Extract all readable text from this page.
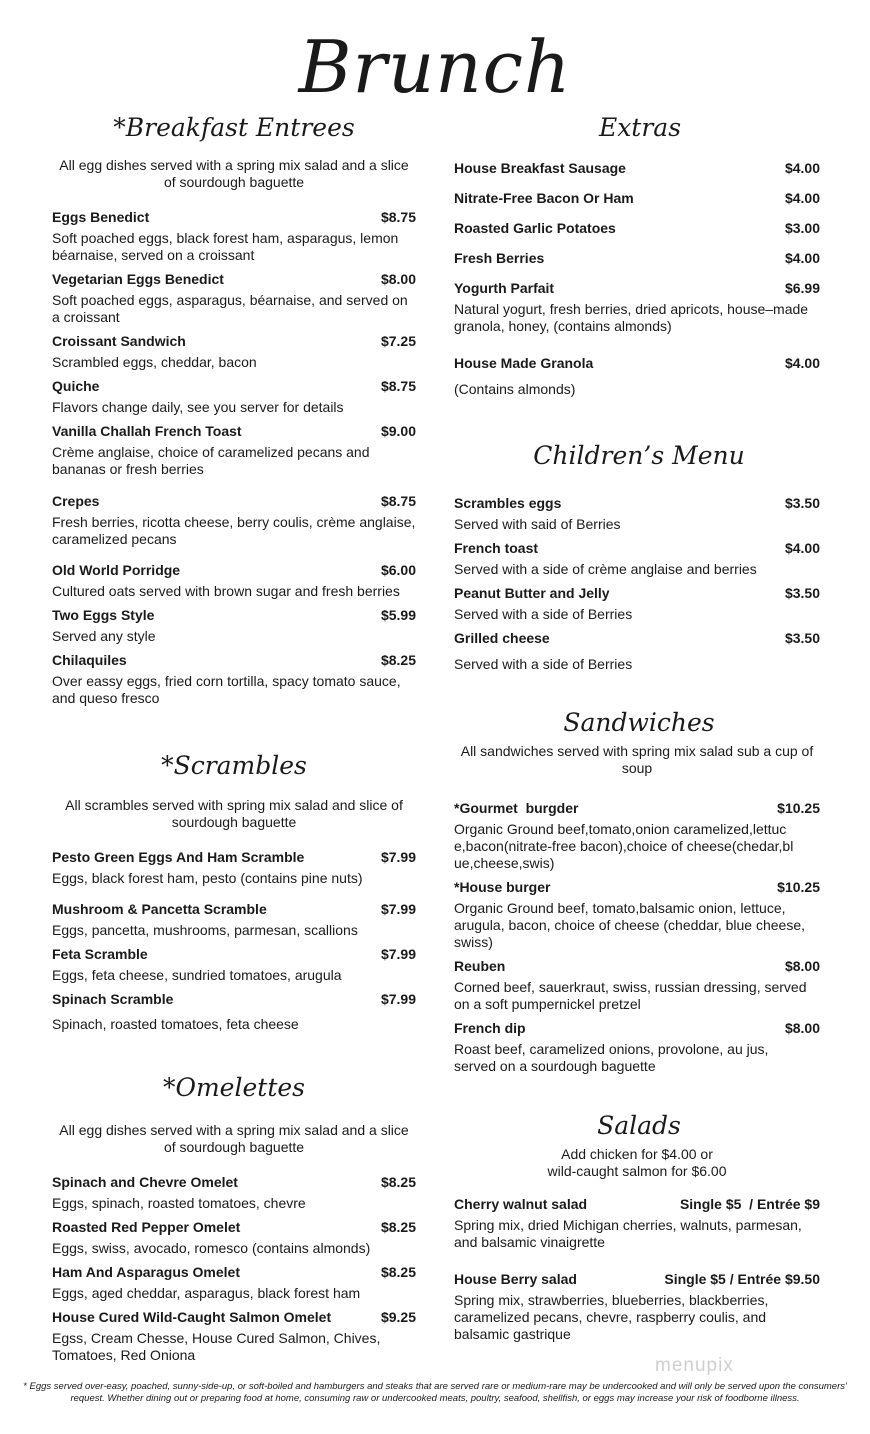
Brunch
*Breakfast Entrees
All egg dishes served with a spring mix salad and a slice of sourdough baguette
Eggs Benedict	$8.75
Soft poached eggs, black forest ham, asparagus, lemon béarnaise, served on a croissant
Vegetarian Eggs Benedict	$8.00
Soft poached eggs, asparagus, béarnaise, and served on a croissant
Croissant Sandwich	$7.25
Scrambled eggs, cheddar, bacon
Quiche	$8.75
Flavors change daily, see you server for details
Vanilla Challah French Toast	$9.00
Crème anglaise, choice of caramelized pecans and bananas or fresh berries
Crepes	$8.75
Fresh berries, ricotta cheese, berry coulis, crème anglaise, caramelized pecans
Old World Porridge	$6.00
Cultured oats served with brown sugar and fresh berries
Two Eggs Style	$5.99
Served any style
Chilaquiles	$8.25
Over eassy eggs, fried corn tortilla, spacy tomato sauce, and queso fresco
*Scrambles
All scrambles served with spring mix salad and slice of sourdough baguette
Pesto Green Eggs And Ham Scramble	$7.99
Eggs, black forest ham, pesto (contains pine nuts)
Mushroom & Pancetta Scramble	$7.99
Eggs, pancetta, mushrooms, parmesan, scallions
Feta Scramble	$7.99
Eggs, feta cheese, sundried tomatoes, arugula
Spinach Scramble	$7.99
Spinach, roasted tomatoes, feta cheese
*Omelettes
All egg dishes served with a spring mix salad and a slice of sourdough baguette
Spinach and Chevre Omelet	$8.25
Eggs, spinach, roasted tomatoes, chevre
Roasted Red Pepper Omelet	$8.25
Eggs, swiss, avocado, romesco (contains almonds)
Ham And Asparagus Omelet	$8.25
Eggs, aged cheddar, asparagus, black forest ham
House Cured Wild-Caught Salmon Omelet	$9.25
Egss, Cream Chesse, House Cured Salmon, Chives, Tomatoes, Red Oniona
Extras
House Breakfast Sausage	$4.00
Nitrate-Free Bacon Or Ham	$4.00
Roasted Garlic Potatoes	$3.00
Fresh Berries	$4.00
Yogurth Parfait	$6.99
Natural yogurt, fresh berries, dried apricots, house–made granola, honey, (contains almonds)
House Made Granola	$4.00
(Contains almonds)
Children’s Menu
Scrambles eggs	$3.50
Served with said of Berries
French toast	$4.00
Served with a side of crème anglaise and berries
Peanut Butter and Jelly	$3.50
Served with a side of Berries
Grilled cheese	$3.50
Served with a side of Berries
Sandwiches
All sandwiches served with spring mix salad sub a cup of soup
*Gourmet  burgder	$10.25
Organic Ground beef,tomato,onion caramelized,lettuce,bacon(nitrate-free bacon),choice of cheese(chedar,blue,cheese,swis)
*House burger	$10.25
Organic Ground beef, tomato,balsamic onion, lettuce, arugula, bacon, choice of cheese (cheddar, blue cheese, swiss)
Reuben	$8.00
Corned beef, sauerkraut, swiss, russian dressing, served on a soft pumpernickel pretzel
French dip	$8.00
Roast beef, caramelized onions, provolone, au jus, served on a sourdough baguette
Salads
Add chicken for $4.00 or
wild-caught salmon for $6.00
Cherry walnut salad	Single $5  / Entrée $9
Spring mix, dried Michigan cherries, walnuts, parmesan, and balsamic vinaigrette
House Berry salad	Single $5 / Entrée $9.50
Spring mix, strawberries, blueberries, blackberries, caramelized pecans, chevre, raspberry coulis, and balsamic gastrique
menupix
* Eggs served over-easy, poached, sunny-side-up, or soft-boiled and hamburgers and steaks that are served rare or medium-rare may be undercooked and will only be served upon the consumers' request. Whether dining out or preparing food at home, consuming raw or undercooked meats, poultry, seafood, shellfish, or eggs may increase your risk of foodborne illness.
